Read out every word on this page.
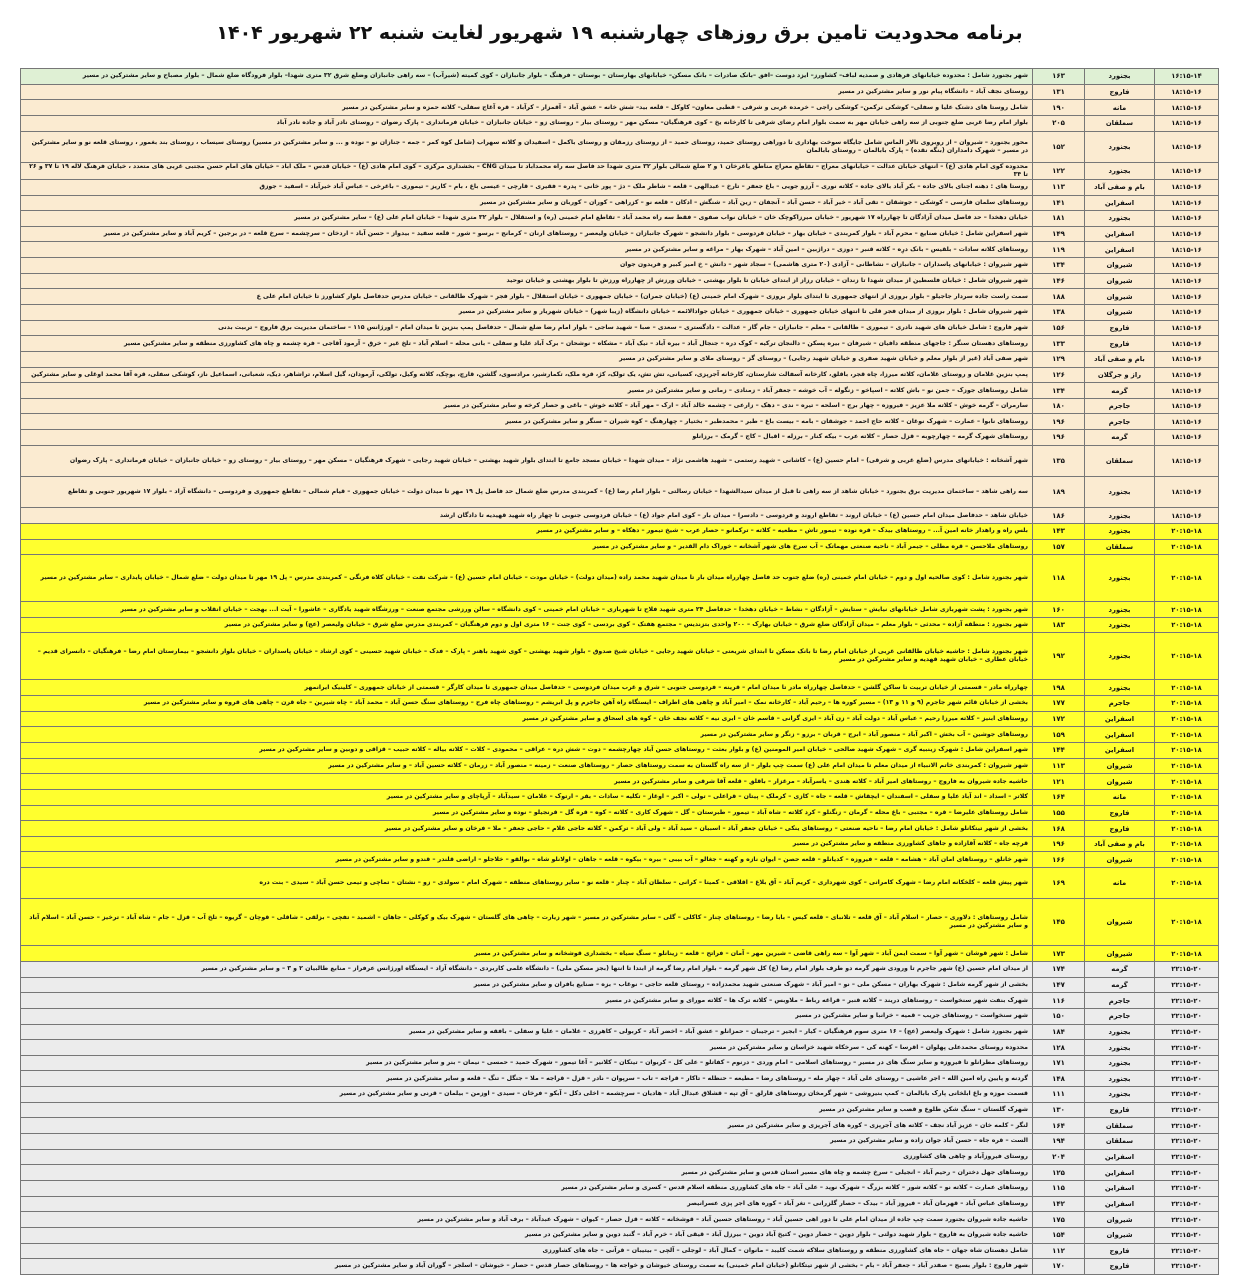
برنامه محدودیت تامین برق روزهای چهارشنبه ۱۹ شهریور لغایت شنبه ۲۲ شهریور ۱۴۰۴
۱۶:۱۵-۱۴	بجنورد	۱۶۳	شهر بجنورد شامل : محدوده خیابانهای فرهادی و صمدیه لباف– کشاورز– ایزد دوست –افق –بانک صادرات – بانک مسکن– خیابانهای بهارستان – بوستان – فرهنگ – بلوار جانبازان – کوی کمیته (شیرآب) – سه راهی جانبازان وضلع شرق ۳۲ متری شهدا– بلوار فرودگاه ضلع شمال – بلوار مصباح و سایر مشترکین در مسیر
۱۸:۱۵-۱۶	فاروج	۱۳۱	روستای نجف آباد – دانشگاه پیام نور و سایر مشترکین در مسیر
۱۸:۱۵-۱۶	مانه	۱۹۰	شامل روستا های دشتک علیا و سفلی– کوشکی ترکمن– کوشکی راجی – خرمده غربی و شرقی – قطبی معاون– کاوکل – قلعه بید– شش خانه – عشق آباد – آقمزار – کرآباد – قره آغاج سفلی– کلاته حمزه و سایر مشترکین در مسیر
۱۸:۱۵-۱۶	سملقان	۲۰۵	بلوار امام رضا غربی ضلع جنوبی از سه راهی خیابان مهر به سمت بلوار امام رضای شرقی تا کارخانه یخ – کوی فرهنگیان– مسکن مهر – روستای بیار – روستای زو – خیابان جانبازان – خیابان فرمانداری – پارک رضوان – روستای نادر آباد و جاده نادر آباد
۱۸:۱۵-۱۶	بجنورد	۱۵۲	محور بجنورد – شیروان – از روبروی تالار الماس شامل جایگاه سوخت بهاداری تا دوراهی روستای حمید، روستای حمید – از روستای رزمقان و روستای باکمل – اسفیدان و کلاته سهراب (شامل کوه کمر – جمه – جنازان نو – نوده و ... و سایر مشترکین در مسیر) روستای سیساب ، روستای بند بغمور ، روستای قلعه نو و سایر مشترکین در مسیر – شهرک دامداران (بنگه نقده) – پارک بابالمان – روستای بابالمان
۱۸:۱۵-۱۶	بجنورد	۱۲۲	محدوده کوی امام هادی (ع) – انتهای خیابان عدالت – خیابانهای معراج – تقاطع معراج مناطق باغرخان ۱ و ۲ ضلع شمالی بلوار ۳۲ متری شهدا حد فاصل سه راه محمدآباد تا میدان CNG – بخشداری مرکزی – کوی امام هادی (ع) – خیابان قدس – ملک آباد – خیابان های امام حسن مجتبی غربی های متعدد ، خیابان فرهنگ لاله ۱۹ تا ۳۷ و ۲۶ تا ۳۴
۱۸:۱۵-۱۶	بام و صفی آباد	۱۱۳	روستا های : دهنه اجنای بالای جاده – بکر آباد بالای جاده – کلاته نوری – آرزو جویی – باغ جعفر – تارخ – عبدالهی – قلعه – شاطر ملک – دژ – پور خانی – پدره – فقیری – قارچی – عیسی باغ ، بام – کاریز – تیموری – باغرخی – عباس آباد خیرآباد – اسفید – جوزق
۱۸:۱۵-۱۶	اسفراین	۱۴۱	روستاهای سلمان فارسی – کوشکی – جوشقان – تقی آباد – خیر آباد – حسن آباد – آنجفان – زین آباد – شنگش – ادکان – قلعه نو – کزراهی – کوران – کوربان و سایر مشترکین در مسیر
۱۸:۱۵-۱۶	بجنورد	۱۸۱	خیابان دهخدا – حد فاصل میدان آزادگان تا چهارراه ۱۷ شهریور – خیابان میرزاکوچک خان – خیابان نواب صفوی – فقط سه راه محمد آباد – تقاطع امام خمینی (ره) و استقلال – بلوار ۳۲ متری شهدا – خیابان امام علی (ع) – سایر مشترکین در مسیر
۱۸:۱۵-۱۶	اسفراین	۱۴۹	شهر اسفراین شامل : خیابان صنایع – محرم آباد – بلوار کمربندی – خیابان بهار – خیابان فردوسی – بلوار دانشجو – شهرک جانبازان – خیابان ولیعصر – روستاهای ارنان – کرمانج – برسو – شور – قلعه سفید – بیدواز – حسن آباد – اردخان – سرچشمه – سرخ قلعه – در برجین – کریم آباد و سایر مشترکین در مسیر
۱۸:۱۵-۱۶	اسفراین	۱۱۹	روستاهای کلاته سادات – بلقیس – بانک درِه – کلاته قنبر – دوزی – دراژبین – امین آباد – شهرک بهار – مراغه و سایر مشترکین در مسیر
۱۸:۱۵-۱۶	شیروان	۱۳۴	شهر شیروان : خیابانهای پاسداران – جانبازان – نشاطانی – آزادی (۲۰ متری هاشمی) – سجاد شهر – دانش – خ امیر کبیر و فریدون جوان
۱۸:۱۵-۱۶	شیروان	۱۴۶	شهر شیروان شامل : خیابان فلسطین از میدان شهدا تا زندان – خیابان رزاز از ابتدای خیابان تا بلوار بهشتی – خیابان ورزش از چهارراه ورزش تا بلوار بهشتی و خیابان توحید
۱۸:۱۵-۱۶	شیروان	۱۸۸	سمت راست جاده سردار جاجیلو – بلوار بروزی از انتهای جمهوری تا ابتدای بلوار بروزی – شهرک امام خمینی (ع) (خیابان جمران) – خیابان جمهوری – خیابان استقلال – بلوار فجر – شهرک طالقانی – خیابان مدرس حدفاصل بلوار کشاورز تا خیابان امام علی ع
۱۸:۱۵-۱۶	شیروان	۱۳۸	شهر شیروان شامل : بلوار بروزی از میدان فجر قلی تا انتهای خیابان جمهوری – خیابان جمهوری – خیابان جوادالائمه – خیابان دانشگاه (زیبا شهر) – خیابان شهریار و سایر مشترکین در مسیر
۱۸:۱۵-۱۶	فاروج	۱۵۶	شهر فاروج : شامل خیابان های شهید نادری – تیموری – طالقانی – معلم – جانبازان – جام گاز – عدالت – دادگستری – سعدی – صبا – شهید ساجی – بلوار امام رضا ضلع شمال – حدفاصل پمپ بنزین تا میدان امام – اورژانس ۱۱۵ – ساختمان مدیریت برق فاروج – تربیت بدنی
۱۸:۱۵-۱۶	فاروج	۱۳۳	روستاهای دهستان سنگر : جاجهای منطقه دافیان – شیرفان – بیره پسکن – دالنجان ترکیه – کوک دره – جنجال آباد – بیره آباد – نیک آباد – مشکاه – نوشحان – برک آباد علیا و سفلی – بانی محله – اسلام آباد – تلخ غیر – خرق – آرمود آقاجی – فره چشمه و چاه های کشاورزی منطقه و سایر مشترکین مسیر
۱۸:۱۵-۱۶	بام و صفی آباد	۱۲۹	شهر صفی آباد (غیر از بلوار معلم و خیابان شهید صفری و خیابان شهید رجایی) – روستای گز – روستای ملای و سایر مشترکین در مسیر
۱۸:۱۵-۱۶	راز و جرگلان	۱۲۶	پمپ بنزین غلامان و روستای غلامان، کلاته میرزا، چاه قجر، باقلق، کارخانه آسفالت شارستان، کارخانه آجرپزی، کسیانی، تش تش، یک تولک، کژ، قره ملک، تکمارشیر، مرادسوی، گلشن، قارچ، بوچک، کلاته وکیل، تولکی، آرمودان، گیل اسلام، تراشاهر، دیک، شعبانی، اسماعیل ناز، کوشکی سفلی، قره آقا محمد اوغلی و سایر مشترکین
۱۸:۱۵-۱۶	گرمه	۱۳۴	شامل روستاهای جوزک – جمن نو – باش کلاته – اسپاخو – زنگوله – آب خوشه – جعفر آباد – زمنادی – زمانی و سایر مشترکین در مسیر
۱۸:۱۵-۱۶	جاجرم	۱۸۰	سارمران – گرمه خوش – کلاته ملا عزیز – فیروزه – چهار برج – اسلحه – تیره – ندی – دهک – زارعی – چشمه خالد آباد – ارک – مهر آباد – کلاته خوش – باغی و حصار کرخه و سایر مشترکین در مسیر
۱۸:۱۵-۱۶	جاجرم	۱۹۶	روستاهای نابوا – عمارت – شهرک نوغان – کلاته حاج احمد – جوشقان – بامه – بیست باغ – طبر – محمدطبر – بختیار – چهارهنگ – کوه شیران – سنگر و سایر مشترکین در مسیر
۱۸:۱۵-۱۶	گرمه	۱۹۶	روستاهای شهرک گرمه – چهارچوبه – قزل حصار – کلاته عرب – بیکه کنار – برزله – اقبال – کاج – گرمک – برزانلو
۱۸:۱۵-۱۶	سملقان	۱۳۵	شهر آشخانه : خیابانهای مدرس (ضلع غربی و شرقی) – امام حسین (ع) – کاشانی – شهید رستمی – شهید هاشمی نژاد – میدان شهدا – خیابان مسجد جامع تا ابتدای بلوار شهید بهشتی – خیابان شهید رجایی – شهرک فرهنگیان – مسکن مهر – روستای بیار – روستای زو – خیابان جانبازان – خیابان فرمانداری – پارک رضوان
۱۸:۱۵-۱۶	بجنورد	۱۸۹	سه راهی شاهد – ساختمان مدیریت برق بجنورد – خیابان شاهد از سه راهی تا قبل از میدان سیدالشهدا – خیابان رسالتی – بلوار امام رضا (ع) – کمربندی مدرس ضلع شمال حد فاصل پل ۱۹ مهر تا میدان دولت – خیابان جمهوری – قیام شمالی – تقاطع جمهوری و فردوسی – دانشگاه آزاد – بلوار ۱۷ شهریور جنوبی و تقاطع
۱۸:۱۵-۱۶	بجنورد	۱۸۶	خیابان شاهد – حدفاصل میدان امام حسین (ع) – خیابان اروند – تقاطع اروند و فردوسی – دادسرا – میدان بار – کوی امام جواد (ع) – خیابان فردوسی جنوبی تا چهار راه شهید قهیدیه تا دادگان ارشد
۲۰:۱۵-۱۸	بجنورد	۱۴۳	بلس راه و راهدار خانه امین آ... – روستاهای بیدک – قره نوده – تیمور تاش – مطعیه – کلاته – ترکمانو – حصار عرب – شیخ تیمور – دهکاه – و سایر مشترکین در مسیر
۲۰:۱۵-۱۸	سملقان	۱۵۷	روستاهای ملاحسن – قره مطلی – جیمر آباد – ناحیه صنعتی مهماتک – آب سرخ های شهر آشخانه – خوراک دام القدیر – و سایر مشترکین در مسیر
۲۰:۱۵-۱۸	بجنورد	۱۱۸	شهر بجنورد شامل : کوی صالحیه اول و دوم – خیابان امام خمینی (ره) ضلع جنوب حد فاصل چهارراه میدان بار تا میدان شهید محمد زاده (میدان دولت) – خیابان مودت – خیابان امام حسین (ع) – شرکت نفت – خیابان کلاه فرنگی – کمربندی مدرس – پل ۱۹ مهر تا میدان دولت – ضلع شمال – خیابان پایداری – سایر مشترکین در مسیر
۲۰:۱۵-۱۸	بجنورد	۱۶۰	شهر بجنورد : پشت شهربازی شامل خیابانهای نیایش – ستایش – آزادگان – نشاط – خیابان دهخدا – حدفاصل ۲۴ متری شهید فلاح تا شهربازی – خیابان امام خمینی – کوی دانشگاه – سالن ورزشی مجتمع صنعت – ورزشگاه شهید یادگاری – عاشورا – آیت ا... بهجت – خیابان انقلاب و سایر مشترکین در مسیر
۲۰:۱۵-۱۸	بجنورد	۱۸۳	شهر بجنورد : منطقه آزاده – محدثی – بلوار معلم – میدان آزادگان ضلع شرق – خیابان بهارک – ۲۰۰ واحدی بتزندیس – مجتمع هفتک – کوی بردسی – کوی جنت – ۱۶ متری اول و دوم فرهنگیان – کمربندی مدرس ضلع شرق – خیابان ولیعصر (عج) و سایر مشترکین در مسیر
۲۰:۱۵-۱۸	بجنورد	۱۹۲	شهر بجنورد شامل : حاشیه خیابان طالقانی غربی از خیابان امام رضا تا بانک مسکن تا ابتدای شریعتی – خیابان شهید رجایی – خیابان شیخ صدوق – بلوار شهید بهشتی – کوی شهید باهنر – پارک – فدک – خیابان شهید حسینی – کوی ارشاد – خیابان پاسداران – خیابان بلوار دانشجو – بیمارستان امام رضا – فرهنگیان – دانسرای قدیم – خیابان عطاری – خیابان شهید قهدیه و سایر مشترکین در مسیر
۲۰:۱۵-۱۸	بجنورد	۱۹۸	چهارراه مادر – قسمتی از خیابان تربیت تا ساکن گلشن – حدفاصل چهارراه مادر تا میدان امام – قرینه – فردوسی جنوبی – شرق و غرب میدان فردوسی – حدفاصل میدان جمهوری تا میدان کارگر – قسمتی از خیابان جمهوری – کلینیک ایرانمهر
۲۰:۱۵-۱۸	جاجرم	۱۷۷	بخشی از خیابان قائم شهر جاجرم (۹ و ۱۱ و ۱۳) – مسیر کوره ها – رحیم آباد – کارخانه نمک – امیر آباد و چاهی های اطراف – ایستگاه راه آهن جاجرم و پل ابریشم – روستاهای چاه فرح – روستاهای سنگ حسن آباد – محمد آباد – چاه شیرین – جاه قرن – چاهی های قروه و سایر مشترکین در مسیر
۲۰:۱۵-۱۸	اسفراین	۱۷۲	روستاهای ابنیز – کلاته میرزا رحیم – عباس آباد – دولت آباد – زن آباد – ایزی گرانی – قاسم خان – ابری نیه – کلاته نجف خان – کوه های اسحاق و سایر مشترکین در مسیر
۲۰:۱۵-۱۸	اسفراین	۱۵۹	روستاهای جوشین – آب بخش – اکبر آباد – منصور آباد – ابرج – قربان – برزو – زنگر و سایر مشترکین در مسیر
۲۰:۱۵-۱۸	اسفراین	۱۴۴	شهر اسفراین شامل : شهرک زینبیه گری – شهرک شهید صالحی – خیابان امیر المومنین (ع) و بلوار بعثت – روستاهای حسن آباد چهارچشمه – دوت – شش دره – عراقی – محمودی – کلات – کلاته بیاله – کلاته حبیب – قزاقی و دوبین و سایر مشترکین در مسیر
۲۰:۱۵-۱۸	شیروان	۱۱۳	شهر شیروان : کمربندی خاتم الانبیاء از میدان معلم تا میدان امام علی (ع) سمت چپ بلوار – از سه راه گلستان به سمت روستاهای حصار – روستاهای صنعت – زمینه – منصور آباد – زرمان – کلاته حسین آباد – و سایر مشترکین در مسیر
۲۰:۱۵-۱۸	شیروان	۱۲۱	حاشیه جاده شیروان به فاروج – روستاهای امیر آباد – کلاته هندی – یاسرآباد – مرغزار – باقلق – قلعه آقا شرقی و سایر مشترکین در مسیر
۲۰:۱۵-۱۸	مانه	۱۶۴	کلاتر – اسداد – اند آباد علیا و سفلی – اسفندان – ایچقاش – قلعه – جاه – کازی – کرملک – پیتان – قراعلی – تولی – اکبر – اوغاز – تکلیه – سادات – بقر – ارتوک – غلامان – سیدآباد – آرپاچای و سایر مشترکین در مسیر
۲۰:۱۵-۱۸	فاروج	۱۵۵	شامل روستاهای علیرضا – قره – مجتبی – باغ محله – گرمان – زنگنلو – کرد کلاته – شاه آباد – تیمور – طبرستان – گل – شهرک کاری – کلاته – کوه – قره گل – قرنجیلو – نوده و سایر مشترکین در مسیر
۲۰:۱۵-۱۸	فاروج	۱۶۸	بخشی از شهر تیتکانلو شامل : خیابان امام رضا – ناحیه صنعتی – روستاهای ینکی – خیابان جعفر آباد – اسبیان – سید آباد – ولی آباد – ترکمن – کلاته حاجی غلام – حاجی جعفر – ملا – فرخان و سایر مشترکین در مسیر
۲۰:۱۵-۱۸	بام و صفی آباد	۱۹۶	قرچه جاه – کلاته آقازاده و جاهای کشاورزی منطقه و سایر مشترکین در مسیر
۲۰:۱۵-۱۸	شیروان	۱۶۶	شهر خانلق – روستاهای امان آباد – هشامه – قلعه – فیروزه – کدیانلو – قلعه حصن – ایوان نازه و کهنه – جغالو – آب بیبی – بیره – بیکوه – قلعه – جاهان – اولانلو شاه – بوالقو – خلاجلو – اراضی قلندر – قندو و سایر مشترکین در مسیر
۲۰:۱۵-۱۸	مانه	۱۶۹	شهر پیش قلعه – کلخکانه امام رضا – شهرک کامرانی – کوی شهرداری – کریم آباد – آق بلاغ – اقلاقی – کمیتا – کرانی – سلطان آباد – چنار – قلعه نو – سایر روستاهای منطقه – شهرک امام – سولدی – زو – نشتان – تماچی و تیمی حسن آباد – سیدی – بنت دره
۲۰:۱۵-۱۸	شیروان	۱۴۵	شامل روستاهای : دلاوری – حصار – اسلام آباد – آق قلعه – تلانبای – قلعه کیس – بابا رضا – روستاهای چنار – کاکلی – گلی – سایر مشترکین در مسیر – شهر زیارت – چاهی های گلستان – شهرک بیک و کوکلی – جاهان – اشمید – تفچی – بزلقی – شاقلی – قوچان – گریوه – تلخ آب – قزل – جام – شاه آباد – ترخیز – حسن آباد – اسلام آباد و سایر مشترکین در مسیر
۲۰:۱۵-۱۸	شیروان	۱۷۳	شامل : شهر قوشان – شهر آوا – سمت ایمن آباد – شهر آوا – سه راهی قاضی – شیرین مهر – آمان – فراتح – قلعه – زینانلو – سنگ سیاه – بخشداری قوشخانه و سایر مشترکین در مسیر
۲۲:۱۵-۲۰	گرمه	۱۷۴	از میدان امام حسین (ع) شهر جاجرم تا ورودی شهر گرمه دو طرف بلوار امام رضا (ع) کل شهر گرمه – بلوار امام رضا گرمه از ابتدا تا انتها (بجز مسکن ملی) – دانشگاه علمی کاربردی – دانشگاه آزاد – ایستگاه اورژانس عرفراز – منابع طالبیان ۲ و ۳ – و سایر مشترکین در مسیر
۲۲:۱۵-۲۰	گرمه	۱۴۷	بخشی از شهر گرمه شامل : شهرک بهاران – مسکن ملی – نو – امیر آباد – شهرک صنعتی شهید محمدزاده – روستای قلعه حاجی – نوغاب – بزه – صنایع بافران و سایر مشترکین در مسیر
۲۲:۱۵-۲۰	جاجرم	۱۱۶	شهرک بنفت شهر سنخواست – روستاهای دریند – کلاته قنبر – قراغه رباط – ملاوبس – کلاته ترک ها – کلاته مورای و سایر مشترکین در مسیر
۲۲:۱۵-۲۰	جاجرم	۱۵۰	شهر سنخواست – روستاهای جریب – قمیه – خرانبا و سایر مشترکین در مسیر
۲۲:۱۵-۲۰	بجنورد	۱۸۴	شهر بجنورد شامل : شهرک ولیعصر (عج) – ۱۶ متری سوم فرهنگیان – کیار – ابجیر – ترجیبان – حمزانلو – عشق آباد – اخضر آباد – کربولی – کاهرزی – غلامان – علیا و سفلی – بافقه و سایر مشترکین در مسیر
۲۲:۱۵-۲۰	بجنورد	۱۲۸	محدوده روستای محمدعلی پهلوان – اقرسا – کهنه کی – سرخکاه شهید خراسان و سایر مشترکین در مسیر
۲۲:۱۵-۲۰	بجنورد	۱۷۱	روستاهای مطرانلو تا فیروزه و سایر سنگ های در مسیر – روستاهای اسلامی – امام وردی – درنوم – کفاتلو – علی کل – کربوان – تیتکان – کلانیر – آغا تیمور – شهرک حمید – حمسی – نیمان – بنر و سایر مشترکین در مسیر
۲۲:۱۵-۲۰	بجنورد	۱۴۸	گردنه و پایین راه امین الله – اجر عاشیی – روستای علی آباد – چهار مله – روستاهای رضا – مطیعه – حنظله – تاکار – قراجه – تاب – سرپوان – نادر – قزل – قراجه – ملا – جنگل – تنگ – قلعه و سایر مشترکین در مسیر
۲۲:۱۵-۲۰	بجنورد	۱۱۱	قسمت موزه و باغ ابلخانی پارک بابالمان – کمپ بنیروشی – شهر گرمخان روستاهای قارلق – آق تپه – قشلاق عبدال آباد – هادیان – سرچشمه – اخلی دکل – آبکو – فرخان – سیدی – اوزمن – بیلمان – قرنی و سایر مشترکین در مسیر
۲۲:۱۵-۲۰	فاروج	۱۳۰	شهرک گلستان – سنگ شکن طلوع و قصب و سایر مشترکین در مسیر
۲۲:۱۵-۲۰	سملقان	۱۶۴	لنگر – کلمه خان – عزیز آباد نجف – کلاته های آجرپزی – کوره های آجرپزی و سایر مشترکین در مسیر
۲۲:۱۵-۲۰	سملقان	۱۹۴	الست – قره جاه – حسن آباد جوان زاده و سایر مشترکین در مسیر
۲۲:۱۵-۲۰	اسفراین	۲۰۴	روستای فیروزآباد و چاهی های کشاورزی
۲۲:۱۵-۲۰	اسفراین	۱۲۵	روستاهای جهل دختران – رحیم آباد – انجیلی – سرخ چشمه و چاه های مسیر استان قدس و سایر مشترکین در مسیر
۲۲:۱۵-۲۰	اسفراین	۱۱۵	روستاهای عمارت – کلاته نو – کلاته شور – کلاته بزرگ – شهرک نوید – علی آباد – جاه های کشاورزی منطقه اسلام قدس – کسری و سایر مشترکین در مسیر
۲۲:۱۵-۲۰	اسفراین	۱۴۲	روستاهای عباس آباد – قهرمان آباد – فیروز آباد – بیدک – حصار گلزرانی – تغر آباد – کوره های اجر پزی عسرانیصر
۲۲:۱۵-۲۰	شیروان	۱۷۵	حاشیه جاده شیروان بجنورد سمت چپ جاده از میدان امام علی تا دور اهی حسین آباد – روستاهای حسین آباد – قوشخانه – کلاته – قزل حصار – کیوان – شهرک عبدآباد – برف آباد و سایر مشترکین در مسیر
۲۲:۱۵-۲۰	شیروان	۱۵۴	حاشیه جاده شیروان به فاروج – بلوار شهید دولتی – بلوار دوین – حصار دوین – کتیخ آباد دوین – بیرزل آباد – قیقی آباد – خرم آباد – گنبد دوین و سایر مشترکین در مسیر
۲۲:۱۵-۲۰	فاروج	۱۱۲	شامل دهستان شاه جهان – جاه های کشاورزی منطقه و روستاهای سلاکه شمت کلیبد – مانوان – کمال آباد – لوجلی – آلچی – بیتیبان – قرآنی – جاه های کشاورزی
۲۲:۱۵-۲۰	فاروج	۱۷۰	شهر فاروج : بلوار بسیج – صفدر آباد – جعفر آباد – بام – بخشی از شهر تیتکانلو (خیابان امام خمینی) به سمت روستای خیوشان و خواجه ها – روستاهای حصار قدس – حصار – خیوشان – اسلجر – گوران آباد و سایر مشترکین در مسیر
